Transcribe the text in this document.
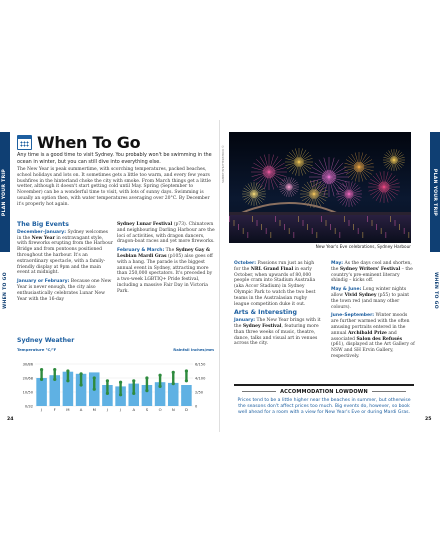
PLAN YOUR TRIP
WHEN TO GO
When To Go

Any time is a good time to visit Sydney. You probably won't be swimming in the ocean in winter, but you can still dive into everything else.

The New Year is peak summertime, with scorching temperatures, packed beaches, school holidays and lots on. It sometimes gets a little too warm, and every few years bushfires in the hinterland choke the city with smoke. From March things get a little wetter, although it doesn't start getting cold until May. Spring (September to November) can be a wonderful time to visit, with lots of sunny days. Swimming is usually an option then, with water temperatures averaging over 20°C. By December it's properly hot again.

The Big Events

December–January: Sydney welcomes in the New Year in extravagant style, with fireworks erupting from the Harbour Bridge and from pontoons positioned throughout the harbour. It's an extraordinary spectacle, with a family-friendly display at 9pm and the main event at midnight.

January or February: Because one New Year is never enough, the city also enthusiastically celebrates Lunar New Year with the 16-day

Sydney Lunar Festival (p73). Chinatown and neighbouring Darling Harbour are the loci of activities, with dragon dancers, dragon-boat races and yet more fireworks.

February & March: The Sydney Gay & Lesbian Mardi Gras (p105) also goes off with a bang. The parade is the biggest annual event in Sydney, attracting more than 250,000 spectators. It's preceded by a two-week LGBTIQ+ Pride festival, including a massive Fair Day in Victoria Park.

Sydney Weather
Temperature °C/°F	Rainfall inches/mm
0/32
10/50
20/68
30/86
0
2/50
4/100
6/150
J	F	M	A	M	J	J	A	S	O	N	D
24
PLAN YOUR TRIP
WHEN TO GO
SAMBIT/SHUTTERSTOCK ©
New Year's Eve celebrations, Sydney Harbour

October: Passions run just as high for the NRL Grand Final in early October, when upwards of 80,000 people cram into Stadium Australia (aka Accor Stadium) in Sydney Olympic Park to watch the two best teams in the Australasian rugby league competition duke it out.

Arts & Interesting

January: The New Year brings with it the Sydney Festival, featuring more than three weeks of music, theatre, dance, talks and visual art in venues across the city.

May: As the days cool and shorten, the Sydney Writers' Festival – the country's pre-eminent literary shindig – kicks off.

May & June: Long winter nights allow Vivid Sydney (p55) to paint the town red (and many other colours).

June–September: Winter moods are further warmed with the often amusing portraits entered in the annual Archibald Prize and associated Salon des Refusés (p61), displayed at the Art Gallery of NSW and SH Ervin Gallery, respectively.

ACCOMMODATION LOWDOWN

Prices tend to be a little higher near the beaches in summer, but otherwise the seasons don't affect prices too much. Big events do, however, so book well ahead for a room with a view for New Year's Eve or during Mardi Gras.

25
